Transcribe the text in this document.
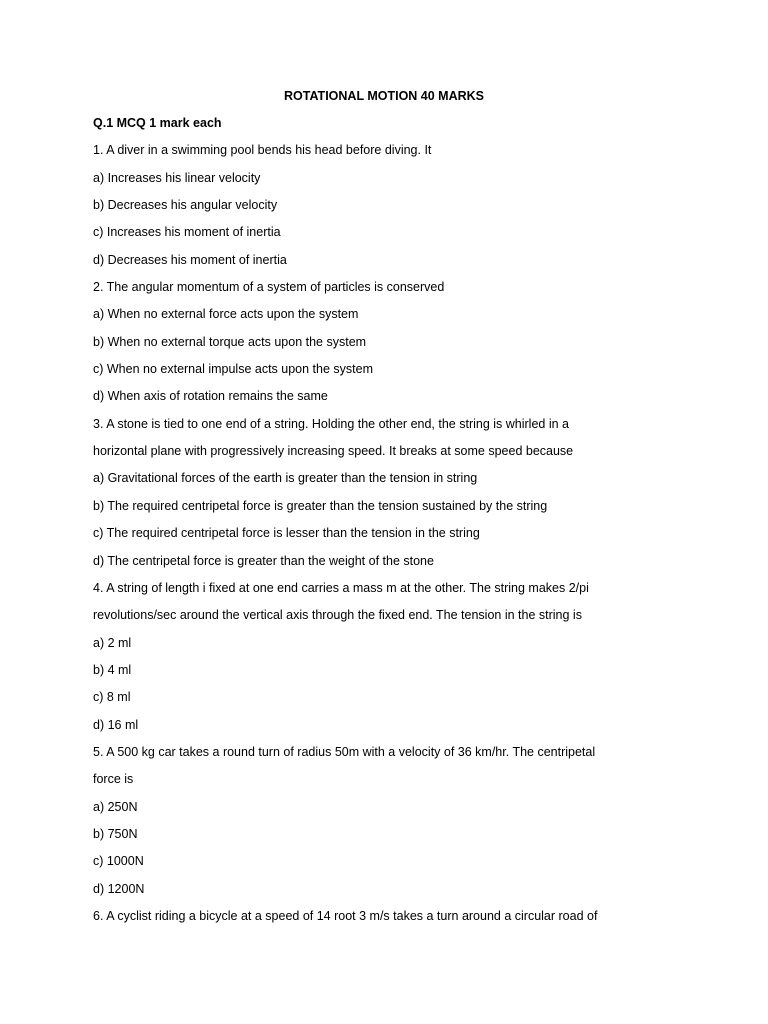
ROTATIONAL MOTION 40 MARKS
Q.1 MCQ 1 mark each
1. A diver in a swimming pool bends his head before diving. It
a) Increases his linear velocity
b) Decreases his angular velocity
c) Increases his moment of inertia
d) Decreases his moment of inertia
2. The angular momentum of a system of particles is conserved
a) When no external force acts upon the system
b) When no external torque acts upon the system
c) When no external impulse acts upon the system
d) When axis of rotation remains the same
3. A stone is tied to one end of a string. Holding the other end, the string is whirled in a
horizontal plane with progressively increasing speed. It breaks at some speed because
a) Gravitational forces of the earth is greater than the tension in string
b) The required centripetal force is greater than the tension sustained by the string
c) The required centripetal force is lesser than the tension in the string
d) The centripetal force is greater than the weight of the stone
4. A string of length i fixed at one end carries a mass m at the other. The string makes 2/pi
revolutions/sec around the vertical axis through the fixed end. The tension in the string is
a) 2 ml
b) 4 ml
c) 8 ml
d) 16 ml
5. A 500 kg car takes a round turn of radius 50m with a velocity of 36 km/hr. The centripetal
force is
a) 250N
b) 750N
c) 1000N
d) 1200N
6. A cyclist riding a bicycle at a speed of 14 root 3 m/s takes a turn around a circular road of
